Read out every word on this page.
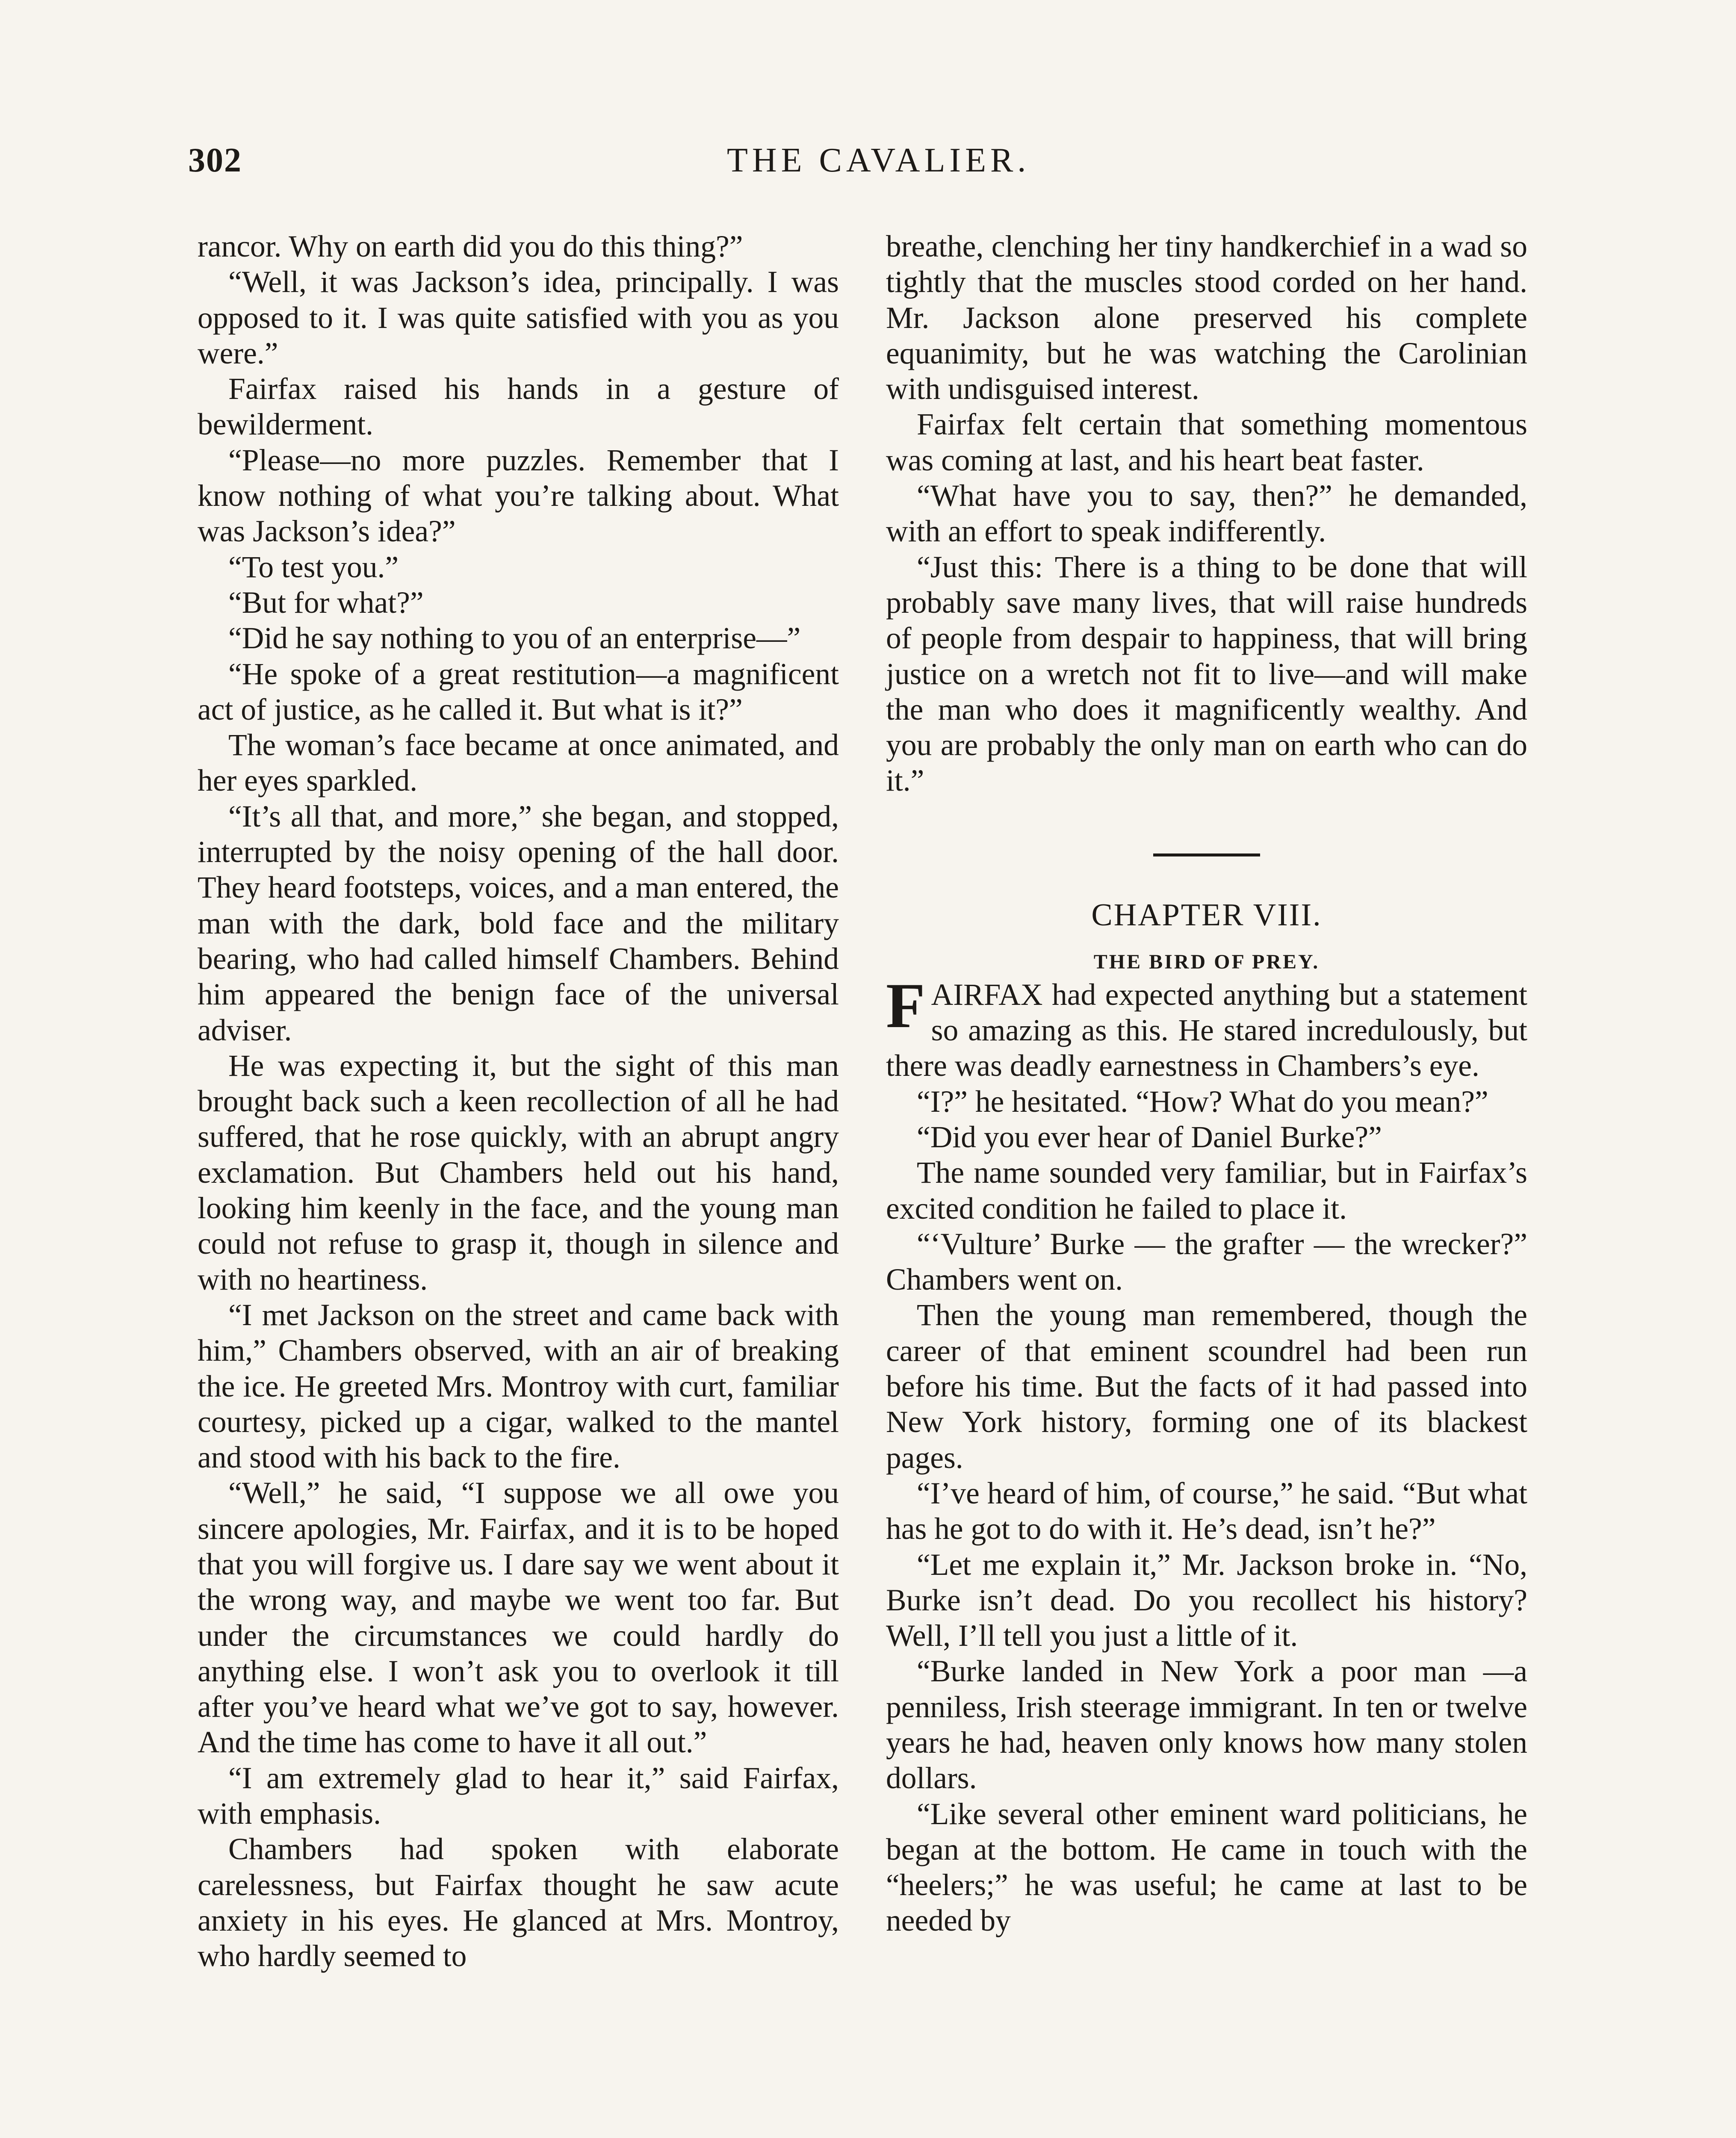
302	THE CAVALIER.

rancor. Why on earth did you do this thing?”

“Well, it was Jackson’s idea, principally. I was opposed to it. I was quite satisfied with you as you were.”

Fairfax raised his hands in a gesture of bewilderment.

“Please—no more puzzles. Remember that I know nothing of what you’re talking about. What was Jackson’s idea?”

“To test you.”

“But for what?”

“Did he say nothing to you of an enterprise—”

“He spoke of a great restitution—a magnificent act of justice, as he called it. But what is it?”

The woman’s face became at once animated, and her eyes sparkled.

“It’s all that, and more,” she began, and stopped, interrupted by the noisy opening of the hall door. They heard footsteps, voices, and a man entered, the man with the dark, bold face and the military bearing, who had called himself Chambers. Behind him appeared the benign face of the universal adviser.

He was expecting it, but the sight of this man brought back such a keen recollection of all he had suffered, that he rose quickly, with an abrupt angry exclamation. But Chambers held out his hand, looking him keenly in the face, and the young man could not refuse to grasp it, though in silence and with no heartiness.

“I met Jackson on the street and came back with him,” Chambers observed, with an air of breaking the ice. He greeted Mrs. Montroy with curt, familiar courtesy, picked up a cigar, walked to the mantel and stood with his back to the fire.

“Well,” he said, “I suppose we all owe you sincere apologies, Mr. Fairfax, and it is to be hoped that you will forgive us. I dare say we went about it the wrong way, and maybe we went too far. But under the circumstances we could hardly do anything else. I won’t ask you to overlook it till after you’ve heard what we’ve got to say, however. And the time has come to have it all out.”

“I am extremely glad to hear it,” said Fairfax, with emphasis.

Chambers had spoken with elaborate carelessness, but Fairfax thought he saw acute anxiety in his eyes. He glanced at Mrs. Montroy, who hardly seemed to

breathe, clenching her tiny handkerchief in a wad so tightly that the muscles stood corded on her hand. Mr. Jackson alone preserved his complete equanimity, but he was watching the Carolinian with undisguised interest.

Fairfax felt certain that something momentous was coming at last, and his heart beat faster.

“What have you to say, then?” he demanded, with an effort to speak indifferently.

“Just this: There is a thing to be done that will probably save many lives, that will raise hundreds of people from despair to happiness, that will bring justice on a wretch not fit to live—and will make the man who does it magnificently wealthy. And you are probably the only man on earth who can do it.”

CHAPTER VIII.
THE BIRD OF PREY.

FAIRFAX had expected anything but a statement so amazing as this. He stared incredulously, but there was deadly earnestness in Chambers’s eye.

“I?” he hesitated. “How? What do you mean?”

“Did you ever hear of Daniel Burke?”

The name sounded very familiar, but in Fairfax’s excited condition he failed to place it.

“‘Vulture’ Burke — the grafter — the wrecker?” Chambers went on.

Then the young man remembered, though the career of that eminent scoundrel had been run before his time. But the facts of it had passed into New York history, forming one of its blackest pages.

“I’ve heard of him, of course,” he said. “But what has he got to do with it. He’s dead, isn’t he?”

“Let me explain it,” Mr. Jackson broke in. “No, Burke isn’t dead. Do you recollect his history? Well, I’ll tell you just a little of it.

“Burke landed in New York a poor man —a penniless, Irish steerage immigrant. In ten or twelve years he had, heaven only knows how many stolen dollars.

“Like several other eminent ward politicians, he began at the bottom. He came in touch with the “heelers;” he was useful; he came at last to be needed by
